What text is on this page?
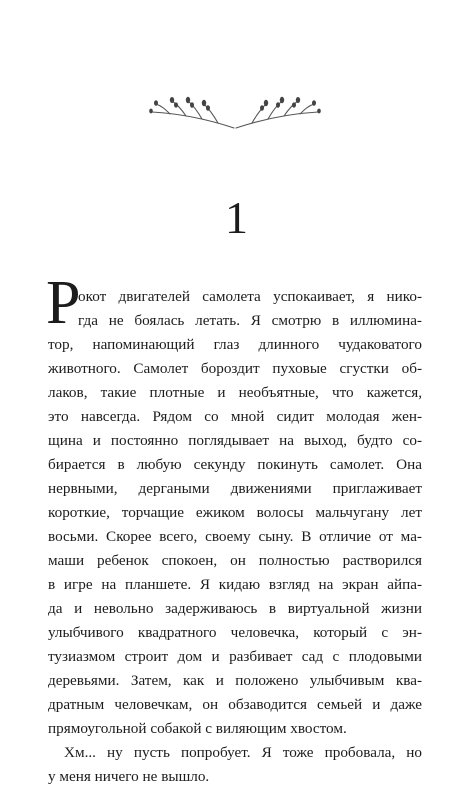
1
Р
окот двигателей самолета успокаивает, я нико-
гда не боялась летать. Я смотрю в иллюмина-
тор, напоминающий глаз длинного чудаковатого
животного. Самолет бороздит пуховые сгустки об-
лаков, такие плотные и необъятные, что кажется,
это навсегда. Рядом со мной сидит молодая жен-
щина и постоянно поглядывает на выход, будто со-
бирается в любую секунду покинуть самолет. Она
нервными, дергаными движениями приглаживает
короткие, торчащие ежиком волосы мальчугану лет
восьми. Скорее всего, своему сыну. В отличие от ма-
маши ребенок спокоен, он полностью растворился
в игре на планшете. Я кидаю взгляд на экран айпа-
да и невольно задерживаюсь в виртуальной жизни
улыбчивого квадратного человечка, который с эн-
тузиазмом строит дом и разбивает сад с плодовыми
деревьями. Затем, как и положено улыбчивым ква-
дратным человечкам, он обзаводится семьей и даже
прямоугольной собакой с виляющим хвостом.
Хм... ну пусть попробует. Я тоже пробовала, но
у меня ничего не вышло.
